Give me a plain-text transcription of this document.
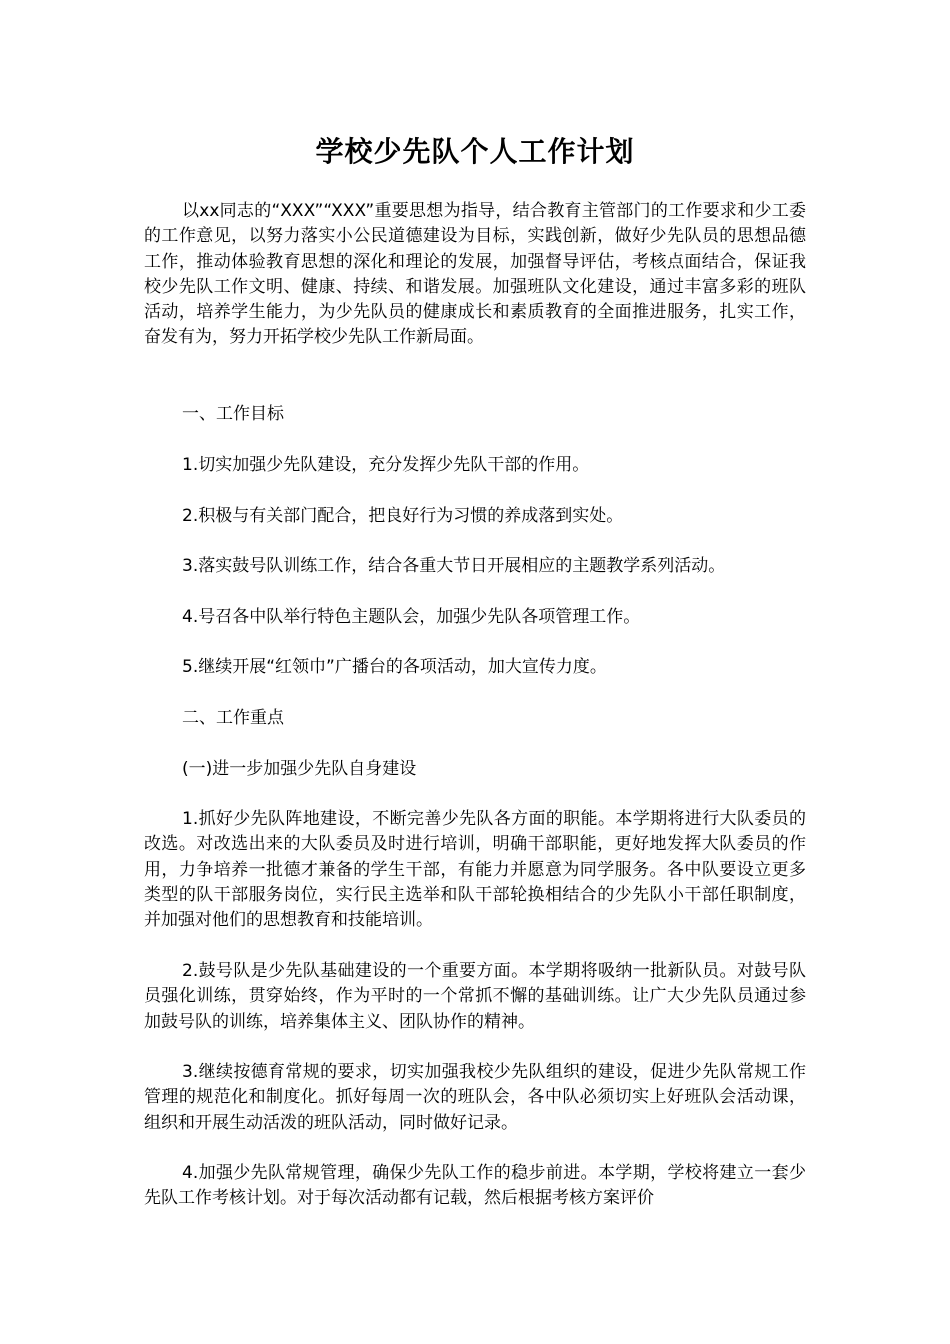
学校少先队个人工作计划
以xx同志的“XXX”“XXX”重要思想为指导，结合教育主管部门的工作要求和少工委的工作意见，以努力落实小公民道德建设为目标，实践创新，做好少先队员的思想品德工作，推动体验教育思想的深化和理论的发展，加强督导评估，考核点面结合，保证我校少先队工作文明、健康、持续、和谐发展。加强班队文化建设，通过丰富多彩的班队活动，培养学生能力，为少先队员的健康成长和素质教育的全面推进服务，扎实工作，奋发有为，努力开拓学校少先队工作新局面。
一、工作目标
1.切实加强少先队建设，充分发挥少先队干部的作用。
2.积极与有关部门配合，把良好行为习惯的养成落到实处。
3.落实鼓号队训练工作，结合各重大节日开展相应的主题教学系列活动。
4.号召各中队举行特色主题队会，加强少先队各项管理工作。
5.继续开展“红领巾”广播台的各项活动，加大宣传力度。
二、工作重点
(一)进一步加强少先队自身建设
1.抓好少先队阵地建设，不断完善少先队各方面的职能。本学期将进行大队委员的改选。对改选出来的大队委员及时进行培训，明确干部职能，更好地发挥大队委员的作用，力争培养一批德才兼备的学生干部，有能力并愿意为同学服务。各中队要设立更多类型的队干部服务岗位，实行民主选举和队干部轮换相结合的少先队小干部任职制度，并加强对他们的思想教育和技能培训。
2.鼓号队是少先队基础建设的一个重要方面。本学期将吸纳一批新队员。对鼓号队员强化训练，贯穿始终，作为平时的一个常抓不懈的基础训练。让广大少先队员通过参加鼓号队的训练，培养集体主义、团队协作的精神。
3.继续按德育常规的要求，切实加强我校少先队组织的建设，促进少先队常规工作管理的规范化和制度化。抓好每周一次的班队会，各中队必须切实上好班队会活动课，组织和开展生动活泼的班队活动，同时做好记录。
4.加强少先队常规管理，确保少先队工作的稳步前进。本学期，学校将建立一套少先队工作考核计划。对于每次活动都有记载，然后根据考核方案评价
